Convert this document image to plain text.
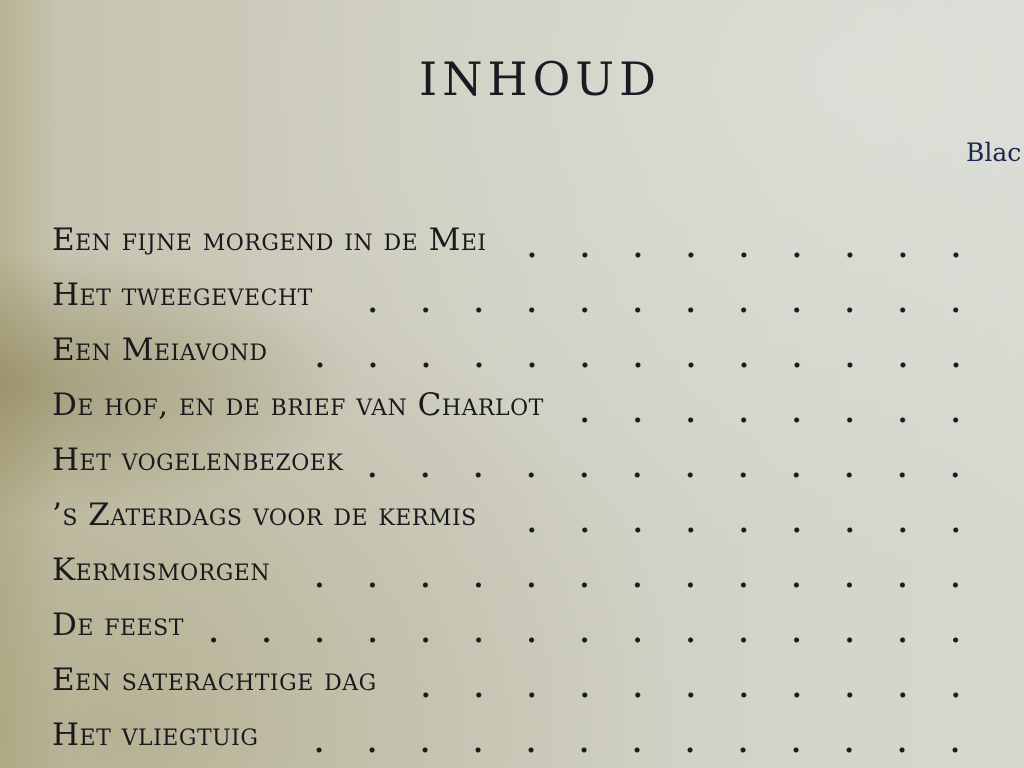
INHOUD
Blac
Een fijne morgend in de Mei
Het tweegevecht
Een Meiavond
De hof, en de brief van Charlot
Het vogelenbezoek
’s Zaterdags voor de kermis
Kermismorgen
De feest
Een saterachtige dag
Het vliegtuig
